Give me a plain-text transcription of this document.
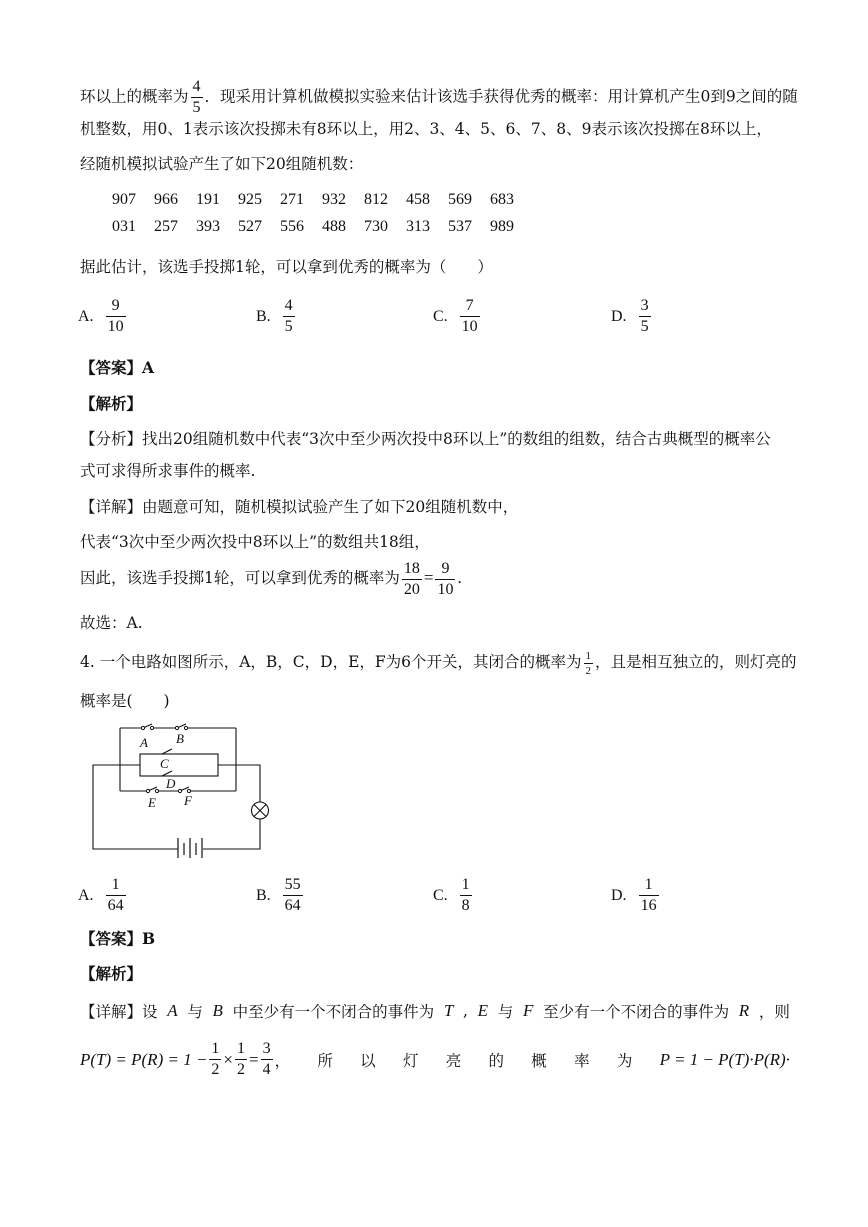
环以上的概率为 $\frac{4}{5}$ ．现采用计算机做模拟实验来估计该选手获得优秀的概率：用计算机产生0到9之间的随
机整数，用0、1表示该次投掷未有8环以上，用2、3、4、5、6、7、8、9表示该次投掷在8环以上，
经随机模拟试验产生了如下20组随机数：
907 966 191 925 271 932 812 458 569 683
031 257 393 527 556 488 730 313 537 989
据此估计，该选手投掷1轮，可以拿到优秀的概率为（　　）
A. $\frac{9}{10}$	B. $\frac{4}{5}$	C. $\frac{7}{10}$	D. $\frac{3}{5}$
【答案】A
【解析】
【分析】找出20组随机数中代表“3次中至少两次投中8环以上”的数组的组数，结合古典概型的概率公
式可求得所求事件的概率.
【详解】由题意可知，随机模拟试验产生了如下20组随机数中，
代表“3次中至少两次投中8环以上”的数组共18组，
因此，该选手投掷1轮，可以拿到优秀的概率为 $\frac{18}{20} = \frac{9}{10}$ .
故选：A.
4. 一个电路如图所示，A，B，C，D，E，F为6个开关，其闭合的概率为 $\frac{1}{2}$ ，且是相互独立的，则灯亮的
概率是(　　)
A B
C
D
E F
A. $\frac{1}{64}$	B. $\frac{55}{64}$	C. $\frac{1}{8}$	D. $\frac{1}{16}$
【答案】B
【解析】
【详解】设 A 与 B 中至少有一个不闭合的事件为 T , E 与 F 至少有一个不闭合的事件为 R ，则
$P(T) = P(R) = 1 - \frac{1}{2} \times \frac{1}{2} = \frac{3}{4}$ ， 所 以 灯 亮 的 概 率 为 P = 1 − P(T)·P(R)·
